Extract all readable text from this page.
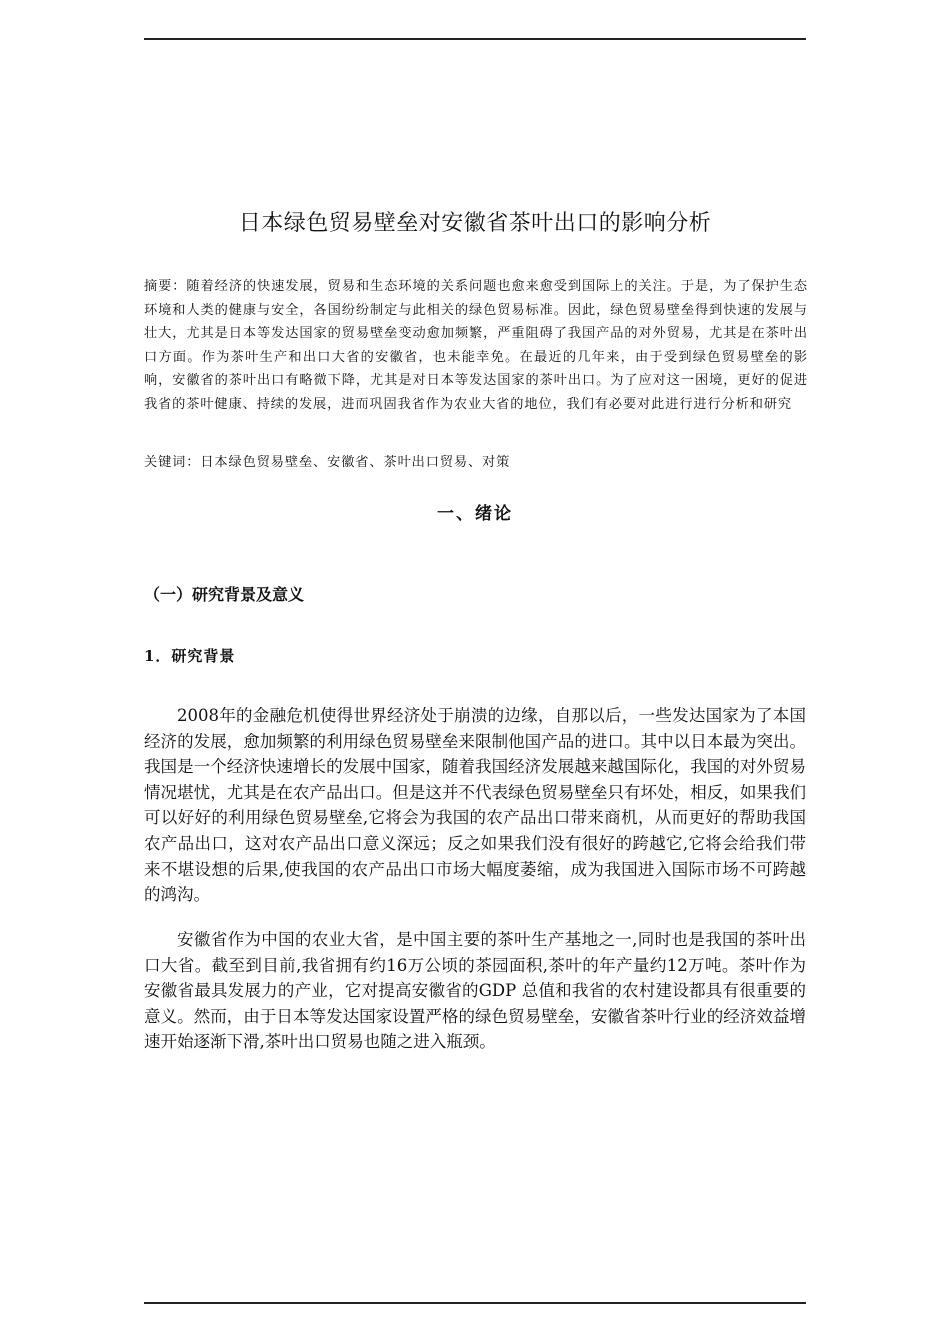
日本绿色贸易壁垒对安徽省茶叶出口的影响分析

摘要：随着经济的快速发展，贸易和生态环境的关系问题也愈来愈受到国际上的关注。于是，为了保护生态环境和人类的健康与安全，各国纷纷制定与此相关的绿色贸易标准。因此，绿色贸易壁垒得到快速的发展与壮大，尤其是日本等发达国家的贸易壁垒变动愈加频繁，严重阻碍了我国产品的对外贸易，尤其是在茶叶出口方面。作为茶叶生产和出口大省的安徽省，也未能幸免。在最近的几年来，由于受到绿色贸易壁垒的影响，安徽省的茶叶出口有略微下降，尤其是对日本等发达国家的茶叶出口。为了应对这一困境，更好的促进我省的茶叶健康、持续的发展，进而巩固我省作为农业大省的地位，我们有必要对此进行进行分析和研究

关键词：日本绿色贸易壁垒、安徽省、茶叶出口贸易、对策

一、绪论
（一）研究背景及意义
1．研究背景

2008年的金融危机使得世界经济处于崩溃的边缘，自那以后，一些发达国家为了本国经济的发展，愈加频繁的利用绿色贸易壁垒来限制他国产品的进口。其中以日本最为突出。我国是一个经济快速增长的发展中国家，随着我国经济发展越来越国际化，我国的对外贸易情况堪忧，尤其是在农产品出口。但是这并不代表绿色贸易壁垒只有坏处，相反，如果我们可以好好的利用绿色贸易壁垒,它将会为我国的农产品出口带来商机，从而更好的帮助我国农产品出口，这对农产品出口意义深远；反之如果我们没有很好的跨越它,它将会给我们带来不堪设想的后果,使我国的农产品出口市场大幅度萎缩，成为我国进入国际市场不可跨越的鸿沟。

安徽省作为中国的农业大省，是中国主要的茶叶生产基地之一,同时也是我国的茶叶出口大省。截至到目前,我省拥有约16万公顷的茶园面积,茶叶的年产量约12万吨。茶叶作为安徽省最具发展力的产业，它对提高安徽省的GDP 总值和我省的农村建设都具有很重要的意义。然而，由于日本等发达国家设置严格的绿色贸易壁垒，安徽省茶叶行业的经济效益增速开始逐渐下滑,茶叶出口贸易也随之进入瓶颈。
